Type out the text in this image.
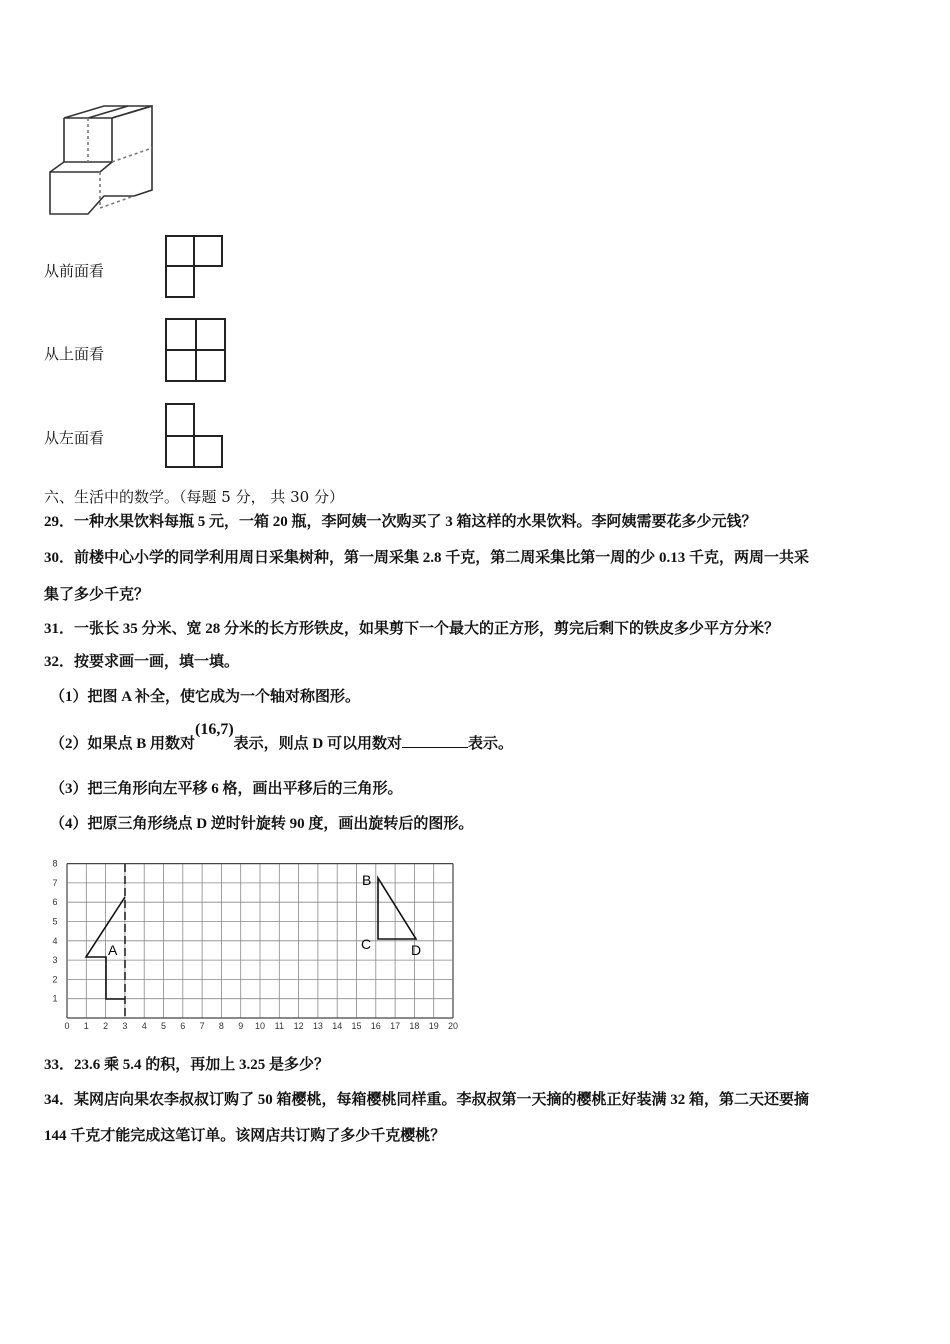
从前面看
从上面看
从左面看
六、生活中的数学。（每题 5 分， 共 30 分）
29．一种水果饮料每瓶 5 元，一箱 20 瓶，李阿姨一次购买了 3 箱这样的水果饮料。李阿姨需要花多少元钱？
30．前楼中心小学的同学利用周日采集树种，第一周采集 2.8 千克，第二周采集比第一周的少 0.13 千克，两周一共采
集了多少千克？
31．一张长 35 分米、宽 28 分米的长方形铁皮，如果剪下一个最大的正方形，剪完后剩下的铁皮多少平方分米？
32．按要求画一画，填一填。
（1）把图 A 补全，使它成为一个轴对称图形。
（2）如果点 B 用数对(16,7)表示，则点 D 可以用数对	表示。
（3）把三角形向左平移 6 格，画出平移后的三角形。
（4）把原三角形绕点 D 逆时针旋转 90 度，画出旋转后的图形。
0 1 2 3 4 5 6 7 8 9 10 11 12 13 14 15 16 17 18 19 20
1
2
3
4
5
6
7
8
A
B
C	D
33．23.6 乘 5.4 的积，再加上 3.25 是多少？
34．某网店向果农李叔叔订购了 50 箱樱桃，每箱樱桃同样重。李叔叔第一天摘的樱桃正好装满 32 箱，第二天还要摘
144 千克才能完成这笔订单。该网店共订购了多少千克樱桃？
